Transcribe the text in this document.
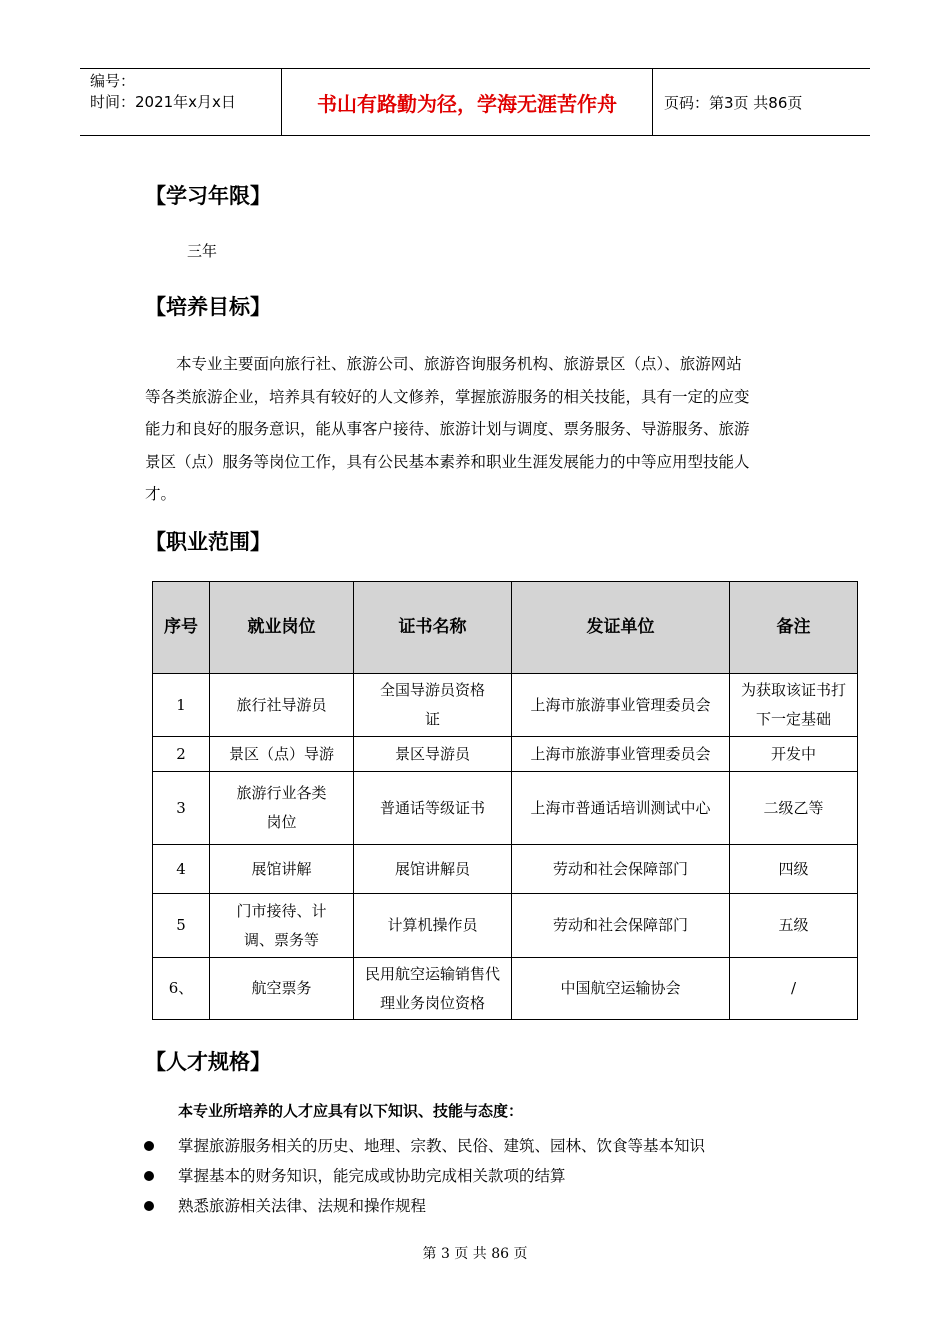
编号：
时间：2021年x月x日	书山有路勤为径，学海无涯苦作舟	页码：第3页 共86页
【学习年限】
三年
【培养目标】
　　本专业主要面向旅行社、旅游公司、旅游咨询服务机构、旅游景区（点）、旅游网站
等各类旅游企业，培养具有较好的人文修养，掌握旅游服务的相关技能，具有一定的应变
能力和良好的服务意识，能从事客户接待、旅游计划与调度、票务服务、导游服务、旅游
景区（点）服务等岗位工作，具有公民基本素养和职业生涯发展能力的中等应用型技能人
才。
【职业范围】
序号	就业岗位	证书名称	发证单位	备注
1	旅行社导游员	全国导游员资格证	上海市旅游事业管理委员会	为获取该证书打下一定基础
2	景区（点）导游	景区导游员	上海市旅游事业管理委员会	开发中
3	旅游行业各类岗位	普通话等级证书	上海市普通话培训测试中心	二级乙等
4	展馆讲解	展馆讲解员	劳动和社会保障部门	四级
5	门市接待、计调、票务等	计算机操作员	劳动和社会保障部门	五级
6、	航空票务	民用航空运输销售代理业务岗位资格	中国航空运输协会	/
【人才规格】
本专业所培养的人才应具有以下知识、技能与态度：
掌握旅游服务相关的历史、地理、宗教、民俗、建筑、园林、饮食等基本知识
掌握基本的财务知识，能完成或协助完成相关款项的结算
熟悉旅游相关法律、法规和操作规程
第 3 页 共 86 页
